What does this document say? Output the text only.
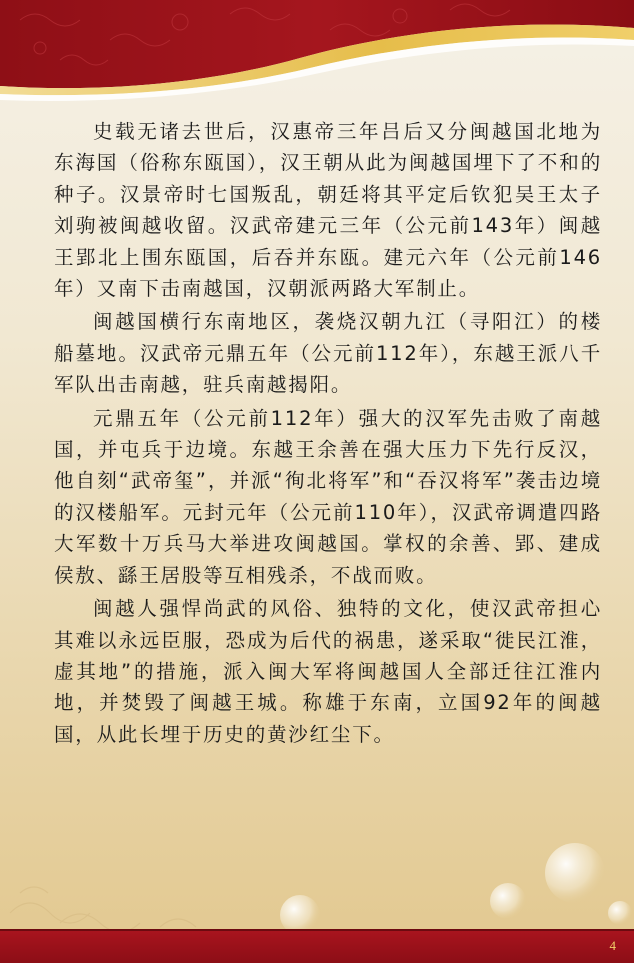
史载无诸去世后，汉惠帝三年吕后又分闽越国北地为东海国（俗称东瓯国），汉王朝从此为闽越国埋下了不和的种子。汉景帝时七国叛乱，朝廷将其平定后钦犯吴王太子刘驹被闽越收留。汉武帝建元三年（公元前143年）闽越王郢北上围东瓯国，后吞并东瓯。建元六年（公元前146年）又南下击南越国，汉朝派两路大军制止。

闽越国横行东南地区，袭烧汉朝九江（寻阳江）的楼船墓地。汉武帝元鼎五年（公元前112年），东越王派八千军队出击南越，驻兵南越揭阳。

元鼎五年（公元前112年）强大的汉军先击败了南越国，并屯兵于边境。东越王余善在强大压力下先行反汉，他自刻“武帝玺”，并派“徇北将军”和“吞汉将军”袭击边境的汉楼船军。元封元年（公元前110年），汉武帝调遣四路大军数十万兵马大举进攻闽越国。掌权的余善、郢、建成侯敖、繇王居股等互相残杀，不战而败。

闽越人强悍尚武的风俗、独特的文化，使汉武帝担心其难以永远臣服，恐成为后代的祸患，遂采取“徙民江淮，虚其地”的措施，派入闽大军将闽越国人全部迁往江淮内地，并焚毁了闽越王城。称雄于东南，立国92年的闽越国，从此长埋于历史的黄沙红尘下。

4
